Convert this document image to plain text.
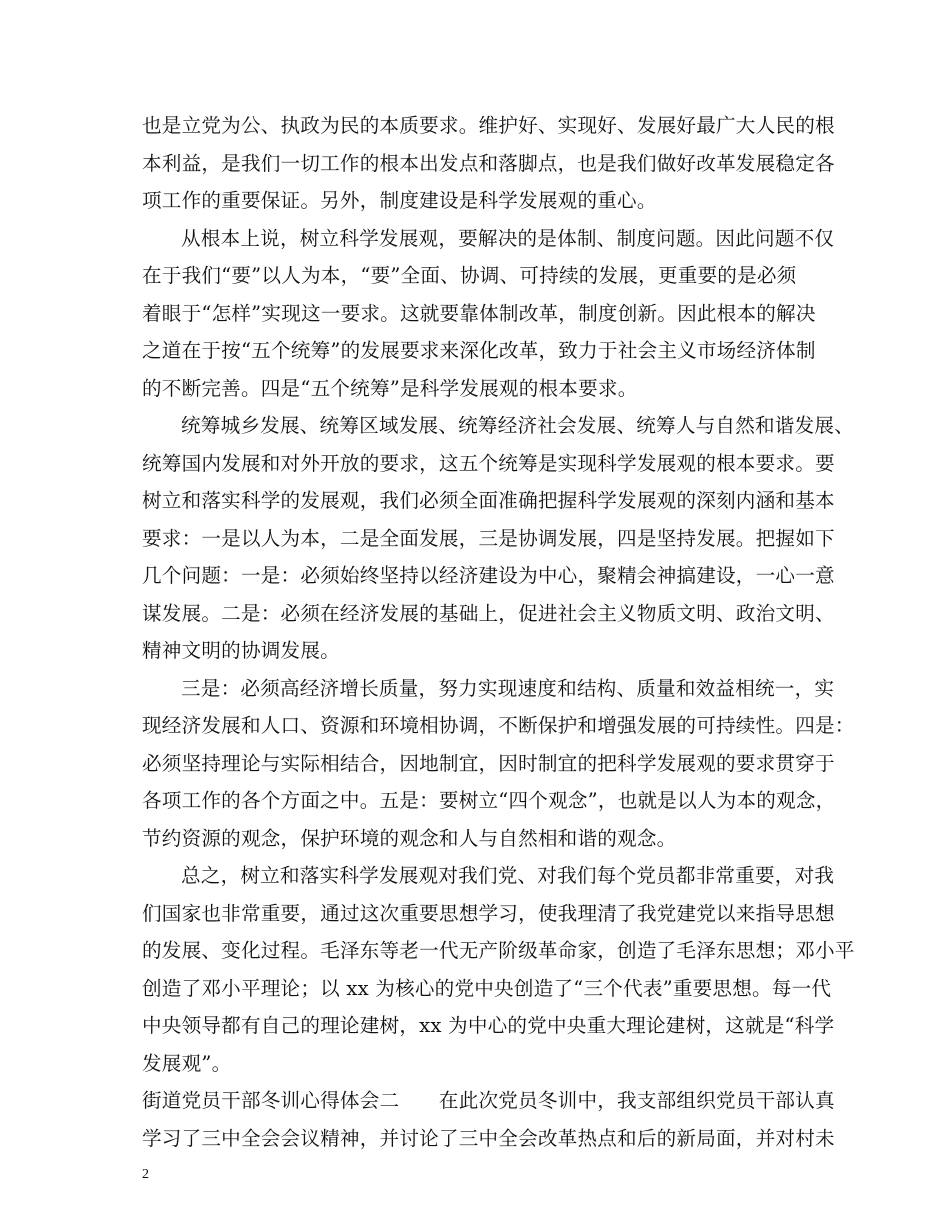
也是立党为公、执政为民的本质要求。维护好、实现好、发展好最广大人民的根
本利益，是我们一切工作的根本出发点和落脚点，也是我们做好改革发展稳定各
项工作的重要保证。另外，制度建设是科学发展观的重心。
从根本上说，树立科学发展观，要解决的是体制、制度问题。因此问题不仅
在于我们“要”以人为本，“要”全面、协调、可持续的发展，更重要的是必须
着眼于“怎样”实现这一要求。这就要靠体制改革，制度创新。因此根本的解决
之道在于按“五个统筹”的发展要求来深化改革，致力于社会主义市场经济体制
的不断完善。四是“五个统筹”是科学发展观的根本要求。
统筹城乡发展、统筹区域发展、统筹经济社会发展、统筹人与自然和谐发展、
统筹国内发展和对外开放的要求，这五个统筹是实现科学发展观的根本要求。要
树立和落实科学的发展观，我们必须全面准确把握科学发展观的深刻内涵和基本
要求：一是以人为本，二是全面发展，三是协调发展，四是坚持发展。把握如下
几个问题：一是：必须始终坚持以经济建设为中心，聚精会神搞建设，一心一意
谋发展。二是：必须在经济发展的基础上，促进社会主义物质文明、政治文明、
精神文明的协调发展。
三是：必须高经济增长质量，努力实现速度和结构、质量和效益相统一，实
现经济发展和人口、资源和环境相协调，不断保护和增强发展的可持续性。四是：
必须坚持理论与实际相结合，因地制宜，因时制宜的把科学发展观的要求贯穿于
各项工作的各个方面之中。五是：要树立“四个观念”，也就是以人为本的观念，
节约资源的观念，保护环境的观念和人与自然相和谐的观念。
总之，树立和落实科学发展观对我们党、对我们每个党员都非常重要，对我
们国家也非常重要，通过这次重要思想学习，使我理清了我党建党以来指导思想
的发展、变化过程。毛泽东等老一代无产阶级革命家，创造了毛泽东思想；邓小平
创造了邓小平理论；以 xx 为核心的党中央创造了“三个代表”重要思想。每一代
中央领导都有自己的理论建树，xx 为中心的党中央重大理论建树，这就是“科学
发展观”。
街道党员干部冬训心得体会二　　在此次党员冬训中，我支部组织党员干部认真
学习了三中全会会议精神，并讨论了三中全会改革热点和后的新局面，并对村未
2
